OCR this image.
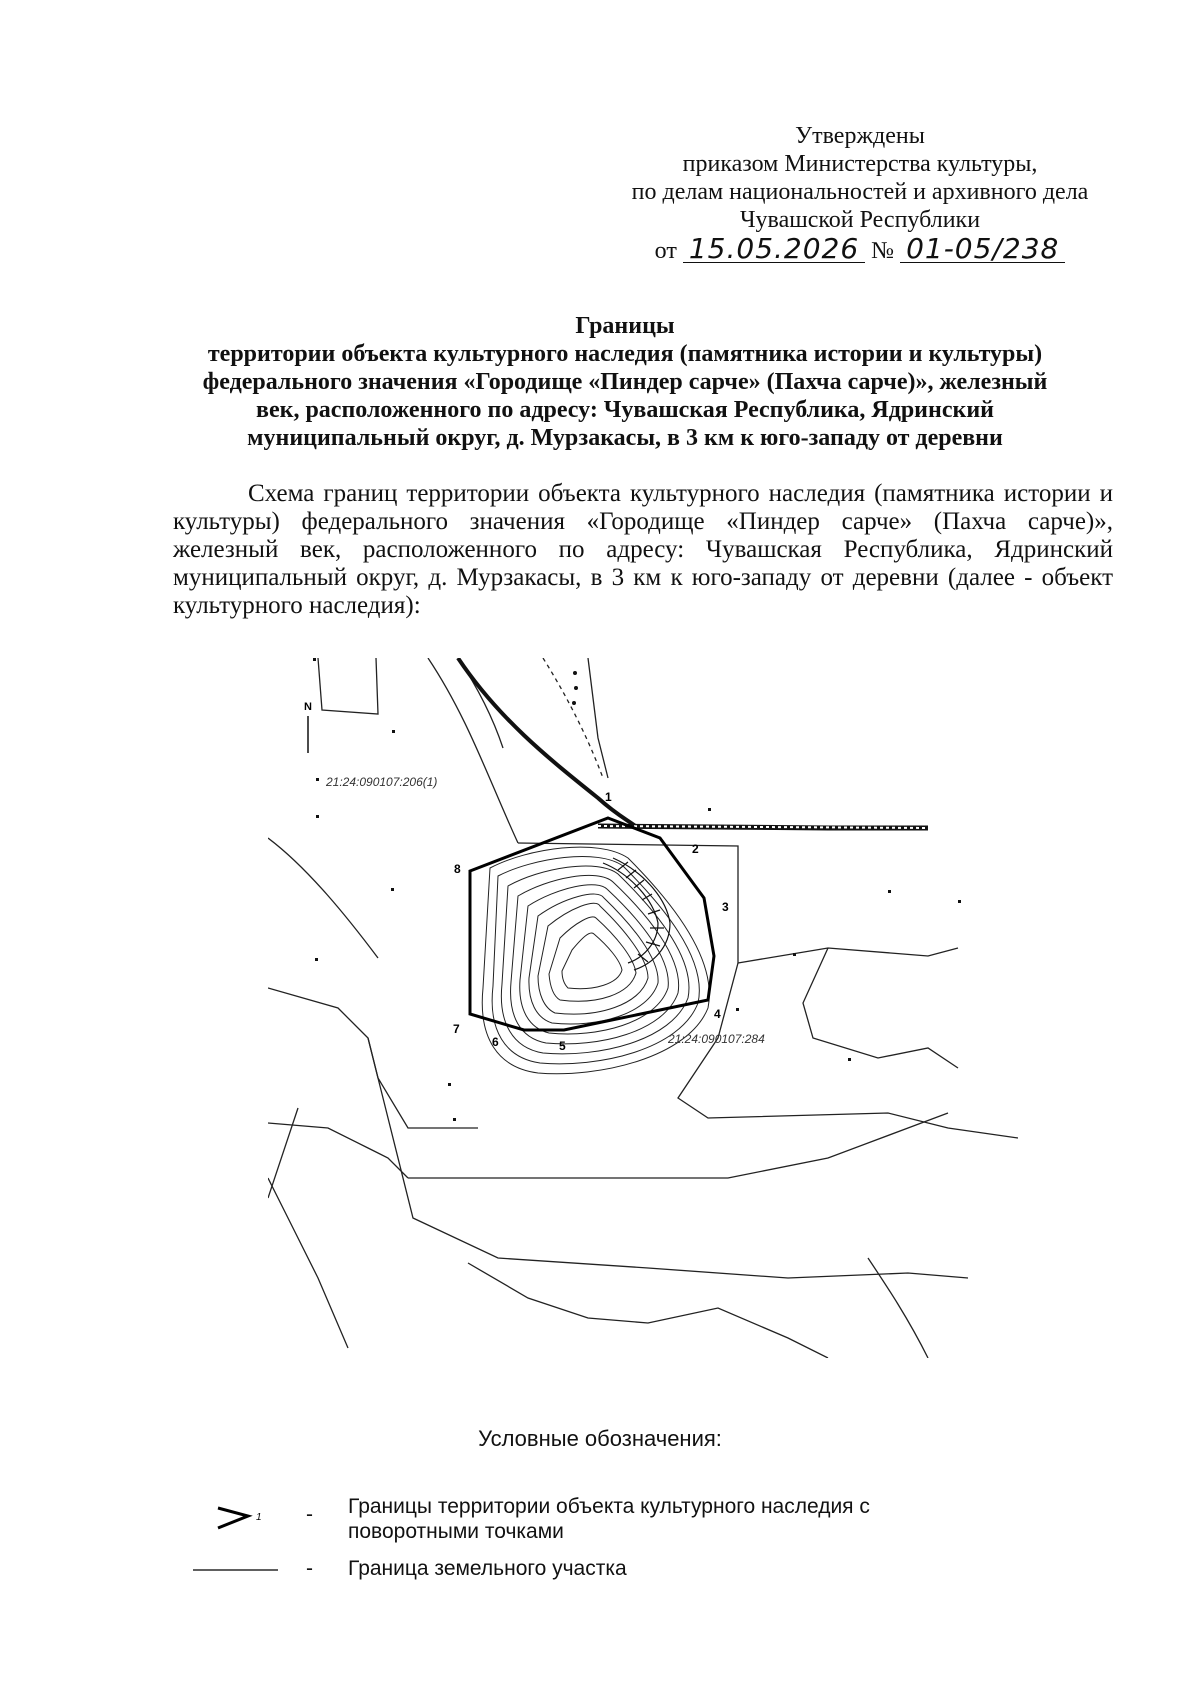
Утверждены
приказом Министерства культуры,
по делам национальностей и архивного дела
Чувашской Республики
от 15.05.2026 № 01-05/238
Границы
территории объекта культурного наследия (памятника истории и культуры)
федерального значения «Городище «Пиндер сарче» (Пахча сарче)», железный
век, расположенного по адресу: Чувашская Республика, Ядринский
муниципальный округ, д. Мурзакасы, в 3 км к юго-западу от деревни

Схема границ территории объекта культурного наследия (памятника истории и культуры) федерального значения «Городище «Пиндер сарче» (Пахча сарче)», железный век, расположенного по адресу: Чувашская Республика, Ядринский муниципальный округ, д. Мурзакасы, в 3 км к юго-западу от деревни (далее - объект культурного наследия):

1
2
3
4
5
6
7
8
21:24:090107:206(1)
21:24:090107:284
N
Условные обозначения:
1 - Границы территории объекта культурного наследия с поворотными точками
- Граница земельного участка
